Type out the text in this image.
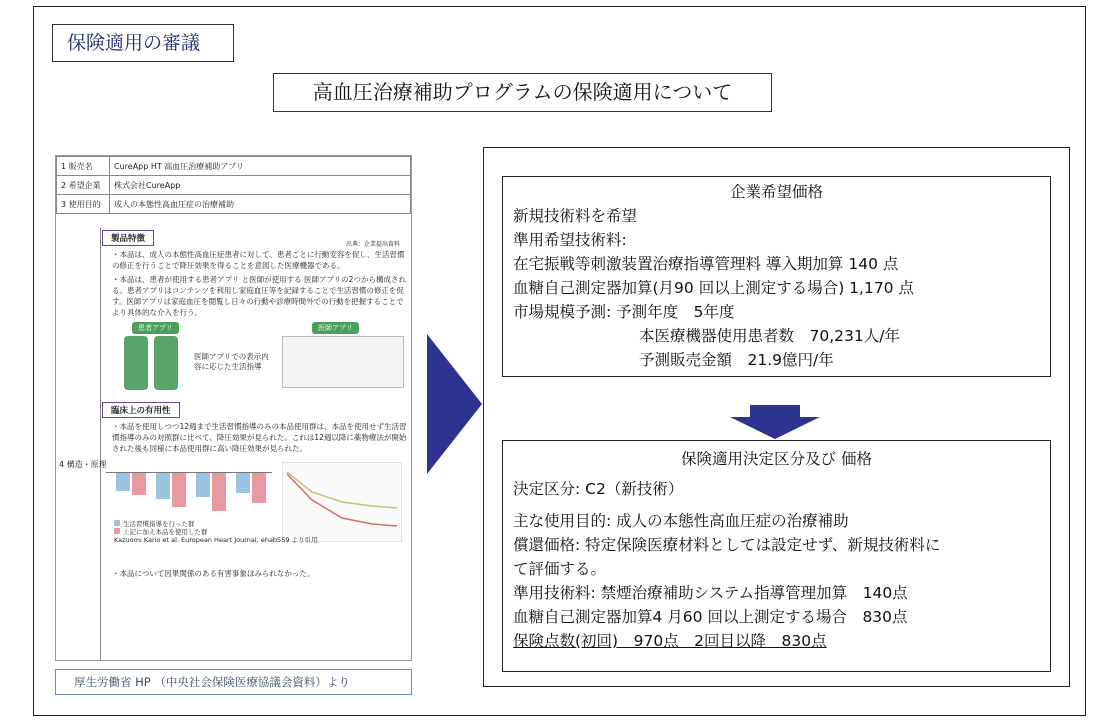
保険適用の審議
高血圧治療補助プログラムの保険適用について
1 販売名	CureApp HT 高血圧治療補助アプリ
2 希望企業	株式会社CureApp
3 使用目的	成人の本態性高血圧症の治療補助
4 構造・原理
製品特徴
出典：企業提出資料

・本品は、成人の本態性高血圧症患者に対して、患者ごとに行動変容を促し、生活習慣の修正を行うことで降圧効果を得ることを意図した医療機器である。

・本品は、患者が使用する患者アプリ と医師が使用する 医師アプリの2つから構成される。患者アプリはコンテンツを利用し家庭血圧等を記録することで生活習慣の修正を促す。医師アプリは家庭血圧を閲覧し日々の行動や診療時間外での行動を把握することでより具体的な介入を行う。

患者アプリ	医師アプリ
医師アプリでの表示内容に応じた生活指導
臨床上の有用性

・本品を使用しつつ12週まで生活習慣指導のみの本品使用群は、本品を使用せず生活習慣指導のみの対照群に比べて、降圧効果が見られた。これは12週以降に薬物療法が開始された後も同様に本品使用群に高い降圧効果が見られた。

生活習慣指導を行った群
上記に加え本品を使用した群
Kazuomi Kario et al. European Heart Journal, ehab559 より引用

・本品について因果関係のある有害事象はみられなかった。

厚生労働省 HP （中央社会保険医療協議会資料）より
企業希望価格
新規技術料を希望
準用希望技術料:
在宅振戦等刺激装置治療指導管理料 導入期加算 140 点
血糖自己測定器加算(月90 回以上測定する場合) 1,170 点
市場規模予測: 予測年度　5年度
本医療機器使用患者数　70,231人/年
予測販売金額　21.9億円/年
保険適用決定区分及び 価格
決定区分: C2（新技術）
主な使用目的: 成人の本態性高血圧症の治療補助
償還価格: 特定保険医療材料としては設定せず、新規技術料に
て評価する。
準用技術料: 禁煙治療補助システム指導管理加算　140点
血糖自己測定器加算4 月60 回以上測定する場合　830点
保険点数(初回)　970点　2回目以降　830点
